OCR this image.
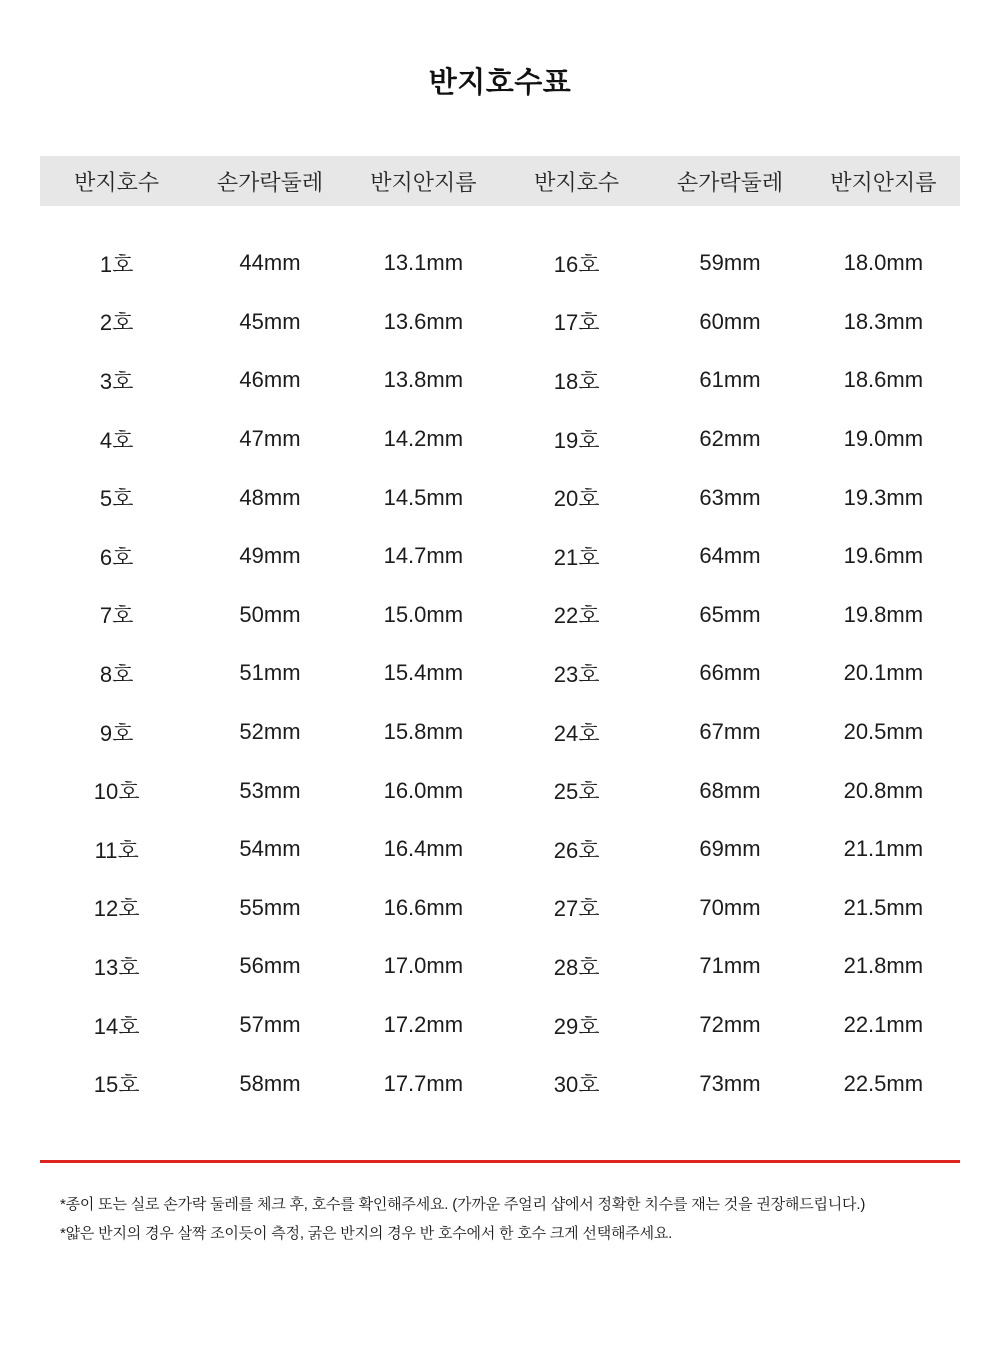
반지호수표
반지호수	손가락둘레	반지안지름	반지호수	손가락둘레	반지안지름
1호	44mm	13.1mm	16호	59mm	18.0mm
2호	45mm	13.6mm	17호	60mm	18.3mm
3호	46mm	13.8mm	18호	61mm	18.6mm
4호	47mm	14.2mm	19호	62mm	19.0mm
5호	48mm	14.5mm	20호	63mm	19.3mm
6호	49mm	14.7mm	21호	64mm	19.6mm
7호	50mm	15.0mm	22호	65mm	19.8mm
8호	51mm	15.4mm	23호	66mm	20.1mm
9호	52mm	15.8mm	24호	67mm	20.5mm
10호	53mm	16.0mm	25호	68mm	20.8mm
11호	54mm	16.4mm	26호	69mm	21.1mm
12호	55mm	16.6mm	27호	70mm	21.5mm
13호	56mm	17.0mm	28호	71mm	21.8mm
14호	57mm	17.2mm	29호	72mm	22.1mm
15호	58mm	17.7mm	30호	73mm	22.5mm

*종이 또는 실로 손가락 둘레를 체크 후, 호수를 확인해주세요. (가까운 주얼리 샵에서 정확한 치수를 재는 것을 권장해드립니다.)

*얇은 반지의 경우 살짝 조이듯이 측정, 굵은 반지의 경우 반 호수에서 한 호수 크게 선택해주세요.
